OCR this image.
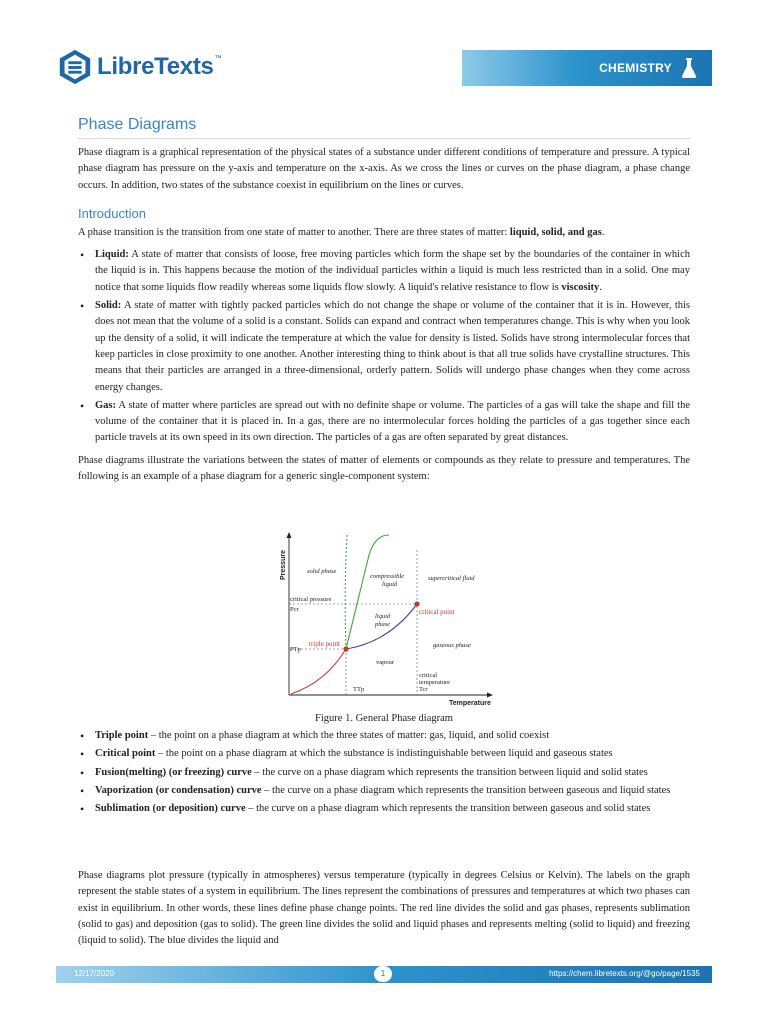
LibreTexts ™
CHEMISTRY
Phase Diagrams

Phase diagram is a graphical representation of the physical states of a substance under different conditions of temperature and pressure. A typical phase diagram has pressure on the y-axis and temperature on the x-axis. As we cross the lines or curves on the phase diagram, a phase change occurs. In addition, two states of the substance coexist in equilibrium on the lines or curves.

Introduction

A phase transition is the transition from one state of matter to another. There are three states of matter: liquid, solid, and gas.

• Liquid: A state of matter that consists of loose, free moving particles which form the shape set by the boundaries of the container in which the liquid is in. This happens because the motion of the individual particles within a liquid is much less restricted than in a solid. One may notice that some liquids flow readily whereas some liquids flow slowly. A liquid's relative resistance to flow is viscosity.
• Solid: A state of matter with tightly packed particles which do not change the shape or volume of the container that it is in. However, this does not mean that the volume of a solid is a constant. Solids can expand and contract when temperatures change. This is why when you look up the density of a solid, it will indicate the temperature at which the value for density is listed. Solids have strong intermolecular forces that keep particles in close proximity to one another. Another interesting thing to think about is that all true solids have crystalline structures. This means that their particles are arranged in a three-dimensional, orderly pattern. Solids will undergo phase changes when they come across energy changes.
• Gas: A state of matter where particles are spread out with no definite shape or volume. The particles of a gas will take the shape and fill the volume of the container that it is placed in. In a gas, there are no intermolecular forces holding the particles of a gas together since each particle travels at its own speed in its own direction. The particles of a gas are often separated by great distances.

Phase diagrams illustrate the variations between the states of matter of elements or compounds as they relate to pressure and temperatures. The following is an example of a phase diagram for a generic single-component system:

Pressure
Temperature
solid phase
compressible
liquid
supercritical fluid
critical pressure
Pcr	critical point
liquid
phase
PTp
triple point	gaseous phase
vapour
critical
temperature
TTp	Tcr
Figure 1. General Phase diagram
• Triple point – the point on a phase diagram at which the three states of matter: gas, liquid, and solid coexist
• Critical point – the point on a phase diagram at which the substance is indistinguishable between liquid and gaseous states
• Fusion(melting) (or freezing) curve – the curve on a phase diagram which represents the transition between liquid and solid states
• Vaporization (or condensation) curve – the curve on a phase diagram which represents the transition between gaseous and liquid states
• Sublimation (or deposition) curve – the curve on a phase diagram which represents the transition between gaseous and solid states

Phase diagrams plot pressure (typically in atmospheres) versus temperature (typically in degrees Celsius or Kelvin). The labels on the graph represent the stable states of a system in equilibrium. The lines represent the combinations of pressures and temperatures at which two phases can exist in equilibrium. In other words, these lines define phase change points. The red line divides the solid and gas phases, represents sublimation (solid to gas) and deposition (gas to solid). The green line divides the solid and liquid phases and represents melting (solid to liquid) and freezing (liquid to solid). The blue divides the liquid and

12/17/2020	1	https://chem.libretexts.org/@go/page/1535
